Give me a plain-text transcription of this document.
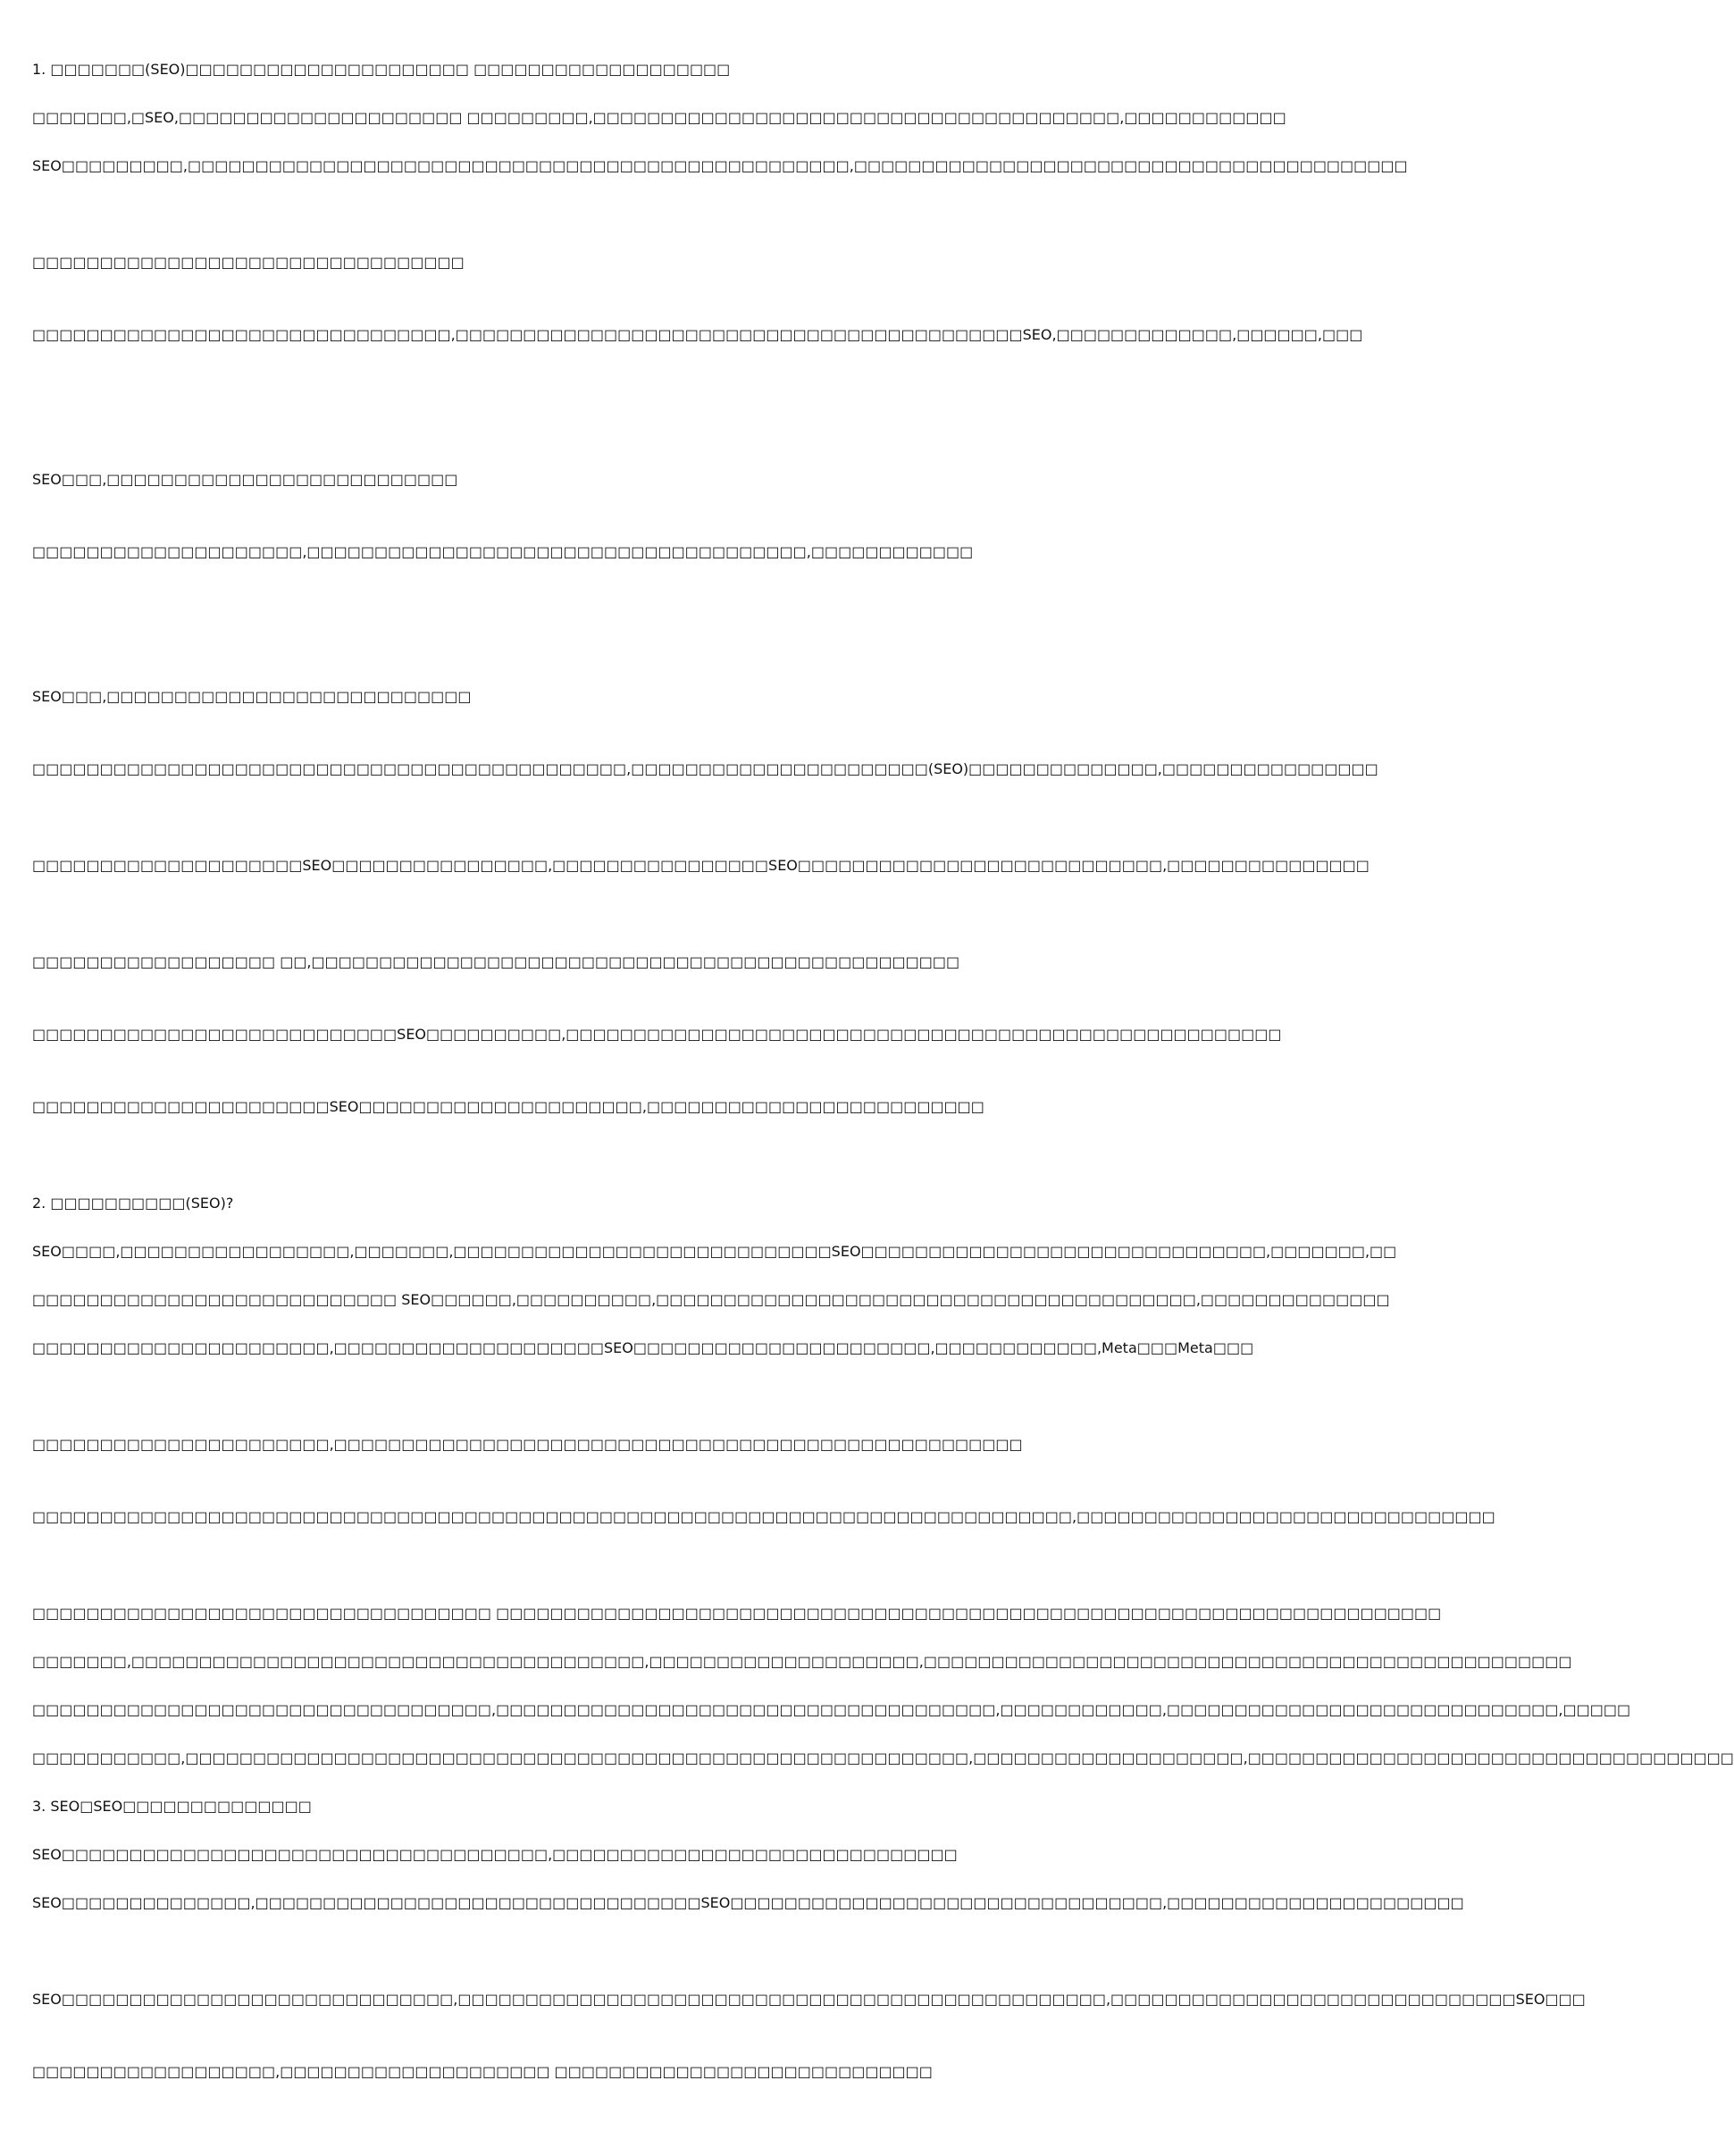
1. □□□□□□□(SEO)□□□□□□□□□□□□□□□□□□□□□ □□□□□□□□□□□□□□□□□□□
□□□□□□□,□SEO,□□□□□□□□□□□□□□□□□□□□□ □□□□□□□□□,□□□□□□□□□□□□□□□□□□□□□□□□□□□□□□□□□□□□□□□,□□□□□□□□□□□□
SEO□□□□□□□□□,□□□□□□□□□□□□□□□□□□□□□□□□□□□□□□□□□□□□□□□□□□□□□□□□□,□□□□□□□□□□□□□□□□□□□□□□□□□□□□□□□□□□□□□□□□□

□□□□□□□□□□□□□□□□□□□□□□□□□□□□□□□□

□□□□□□□□□□□□□□□□□□□□□□□□□□□□□□□,□□□□□□□□□□□□□□□□□□□□□□□□□□□□□□□□□□□□□□□□□□SEO,□□□□□□□□□□□□□,□□□□□□,□□□

SEO□□□,□□□□□□□□□□□□□□□□□□□□□□□□□□

□□□□□□□□□□□□□□□□□□□□,□□□□□□□□□□□□□□□□□□□□□□□□□□□□□□□□□□□□□,□□□□□□□□□□□□

SEO□□□,□□□□□□□□□□□□□□□□□□□□□□□□□□□

□□□□□□□□□□□□□□□□□□□□□□□□□□□□□□□□□□□□□□□□□□□□,□□□□□□□□□□□□□□□□□□□□□□(SEO)□□□□□□□□□□□□□□,□□□□□□□□□□□□□□□□

□□□□□□□□□□□□□□□□□□□□SEO□□□□□□□□□□□□□□□□,□□□□□□□□□□□□□□□□SEO□□□□□□□□□□□□□□□□□□□□□□□□□□□,□□□□□□□□□□□□□□□

□□□□□□□□□□□□□□□□□□ □□,□□□□□□□□□□□□□□□□□□□□□□□□□□□□□□□□□□□□□□□□□□□□□□□□

□□□□□□□□□□□□□□□□□□□□□□□□□□□SEO□□□□□□□□□□,□□□□□□□□□□□□□□□□□□□□□□□□□□□□□□□□□□□□□□□□□□□□□□□□□□□□□

□□□□□□□□□□□□□□□□□□□□□□SEO□□□□□□□□□□□□□□□□□□□□□,□□□□□□□□□□□□□□□□□□□□□□□□□

2. □□□□□□□□□□(SEO)?
SEO□□□□,□□□□□□□□□□□□□□□□□,□□□□□□□,□□□□□□□□□□□□□□□□□□□□□□□□□□□□SEO□□□□□□□□□□□□□□□□□□□□□□□□□□□□□□,□□□□□□□,□□
□□□□□□□□□□□□□□□□□□□□□□□□□□□ SEO□□□□□□,□□□□□□□□□□,□□□□□□□□□□□□□□□□□□□□□□□□□□□□□□□□□□□□□□□□,□□□□□□□□□□□□□□
□□□□□□□□□□□□□□□□□□□□□□,□□□□□□□□□□□□□□□□□□□□SEO□□□□□□□□□□□□□□□□□□□□□□,□□□□□□□□□□□□,Meta□□□Meta□□□

□□□□□□□□□□□□□□□□□□□□□□,□□□□□□□□□□□□□□□□□□□□□□□□□□□□□□□□□□□□□□□□□□□□□□□□□□□

□□□□□□□□□□□□□□□□□□□□□□□□□□□□□□□□□□□□□□□□□□□□□□□□□□□□□□□□□□□□□□□□□□□□□□□□□□□□□,□□□□□□□□□□□□□□□□□□□□□□□□□□□□□□□

□□□□□□□□□□□□□□□□□□□□□□□□□□□□□□□□□□ □□□□□□□□□□□□□□□□□□□□□□□□□□□□□□□□□□□□□□□□□□□□□□□□□□□□□□□□□□□□□□□□□□□□□□
□□□□□□□,□□□□□□□□□□□□□□□□□□□□□□□□□□□□□□□□□□□□□□,□□□□□□□□□□□□□□□□□□□□,□□□□□□□□□□□□□□□□□□□□□□□□□□□□□□□□□□□□□□□□□□□□□□□□
□□□□□□□□□□□□□□□□□□□□□□□□□□□□□□□□□□,□□□□□□□□□□□□□□□□□□□□□□□□□□□□□□□□□□□□□,□□□□□□□□□□□□,□□□□□□□□□□□□□□□□□□□□□□□□□□□□□,□□□□□
□□□□□□□□□□□,□□□□□□□□□□□□□□□□□□□□□□□□□□□□□□□□□□□□□□□□□□□□□□□□□□□□□□□□□□,□□□□□□□□□□□□□□□□□□□□,□□□□□□□□□□□□□□□□□□□□□□□□□□□□□□□□□□□□
3. SEO□SEO□□□□□□□□□□□□□□
SEO□□□□□□□□□□□□□□□□□□□□□□□□□□□□□□□□□□□□,□□□□□□□□□□□□□□□□□□□□□□□□□□□□□□
SEO□□□□□□□□□□□□□□,□□□□□□□□□□□□□□□□□□□□□□□□□□□□□□□□□SEO□□□□□□□□□□□□□□□□□□□□□□□□□□□□□□□□,□□□□□□□□□□□□□□□□□□□□□□

SEO□□□□□□□□□□□□□□□□□□□□□□□□□□□□□,□□□□□□□□□□□□□□□□□□□□□□□□□□□□□□□□□□□□□□□□□□□□□□□□,□□□□□□□□□□□□□□□□□□□□□□□□□□□□□□SEO□□□

□□□□□□□□□□□□□□□□□□,□□□□□□□□□□□□□□□□□□□□ □□□□□□□□□□□□□□□□□□□□□□□□□□□□
